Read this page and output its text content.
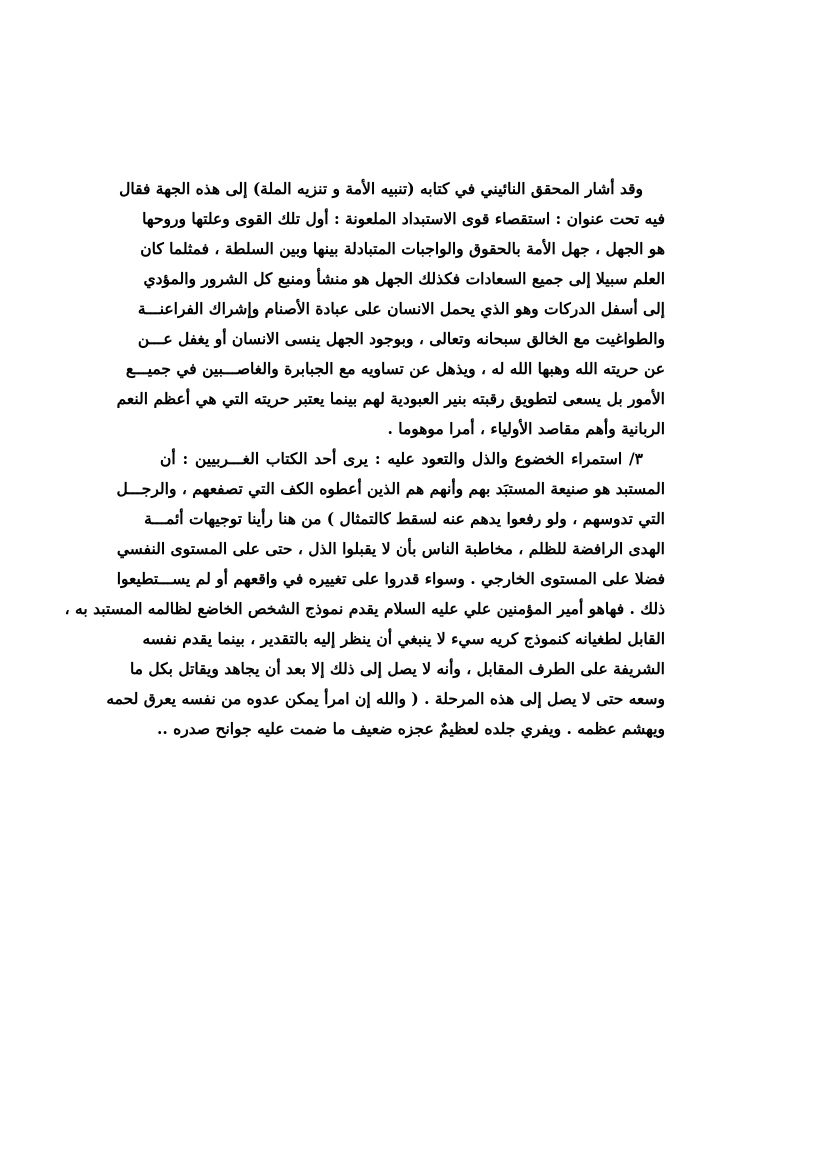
وقد أشار المحقق النائيني في كتابه (تنبيه الأمة و تنزيه الملة) إلى هذه الجهة فقال
فيه تحت عنوان : استقصاء قوى الاستبداد الملعونة : أول تلك القوى وعلتها وروحها
هو الجهل ، جهل الأمة بالحقوق والواجبات المتبادلة بينها وبين السلطة ، فمثلما كان
العلم سبيلا إلى جميع السعادات فكذلك الجهل هو منشأ ومنبع كل الشرور والمؤدي
إلى أسفل الدركات وهو الذي يحمل الانسان على عبادة الأصنام وإشراك الفراعنـــة
والطواغيت مع الخالق سبحانه وتعالى ، وبوجود الجهل ينسى الانسان أو يغفل عـــن
عن حريته الله وهبها الله له ، ويذهل عن تساويه مع الجبابرة والغاصـــبين في جميـــع
الأمور بل يسعى لتطويق رقبته بنير العبودية لهم بينما يعتبر حريته التي هي أعظم النعم
الربانية وأهم مقاصد الأولياء ، أمرا موهوما .
٣/ استمراء الخضوع والذل والتعود عليه : يرى أحد الكتاب الغـــربيين : أن
المستبد هو صنيعة المستبَد بهم وأنهم هم الذين أعطوه الكف التي تصفعهم ، والرجـــل
التي تدوسهم ، ولو رفعوا يدهم عنه لسقط كالتمثال ) من هنا رأينا توجيهات أئمـــة
الهدى الرافضة للظلم ، مخاطبة الناس بأن لا يقبلوا الذل ، حتى على المستوى النفسي
فضلا على المستوى الخارجي . وسواء قدروا على تغييره في واقعهم أو لم يســـتطيعوا
ذلك . فهاهو أمير المؤمنين علي عليه السلام يقدم نموذج الشخص الخاضع لظالمه المستبد به ،
القابل لطغيانه كنموذج كريه سيء لا ينبغي أن ينظر إليه بالتقدير ، بينما يقدم نفسه
الشريفة على الطرف المقابل ، وأنه لا يصل إلى ذلك إلا بعد أن يجاهد ويقاتل بكل ما
وسعه حتى لا يصل إلى هذه المرحلة . ( والله إن امرأ يمكن عدوه من نفسه يعرق لحمه
ويهشم عظمه . ويفري جلده لعظيمٌ عجزه ضعيف ما ضمت عليه جوانح صدره ..
